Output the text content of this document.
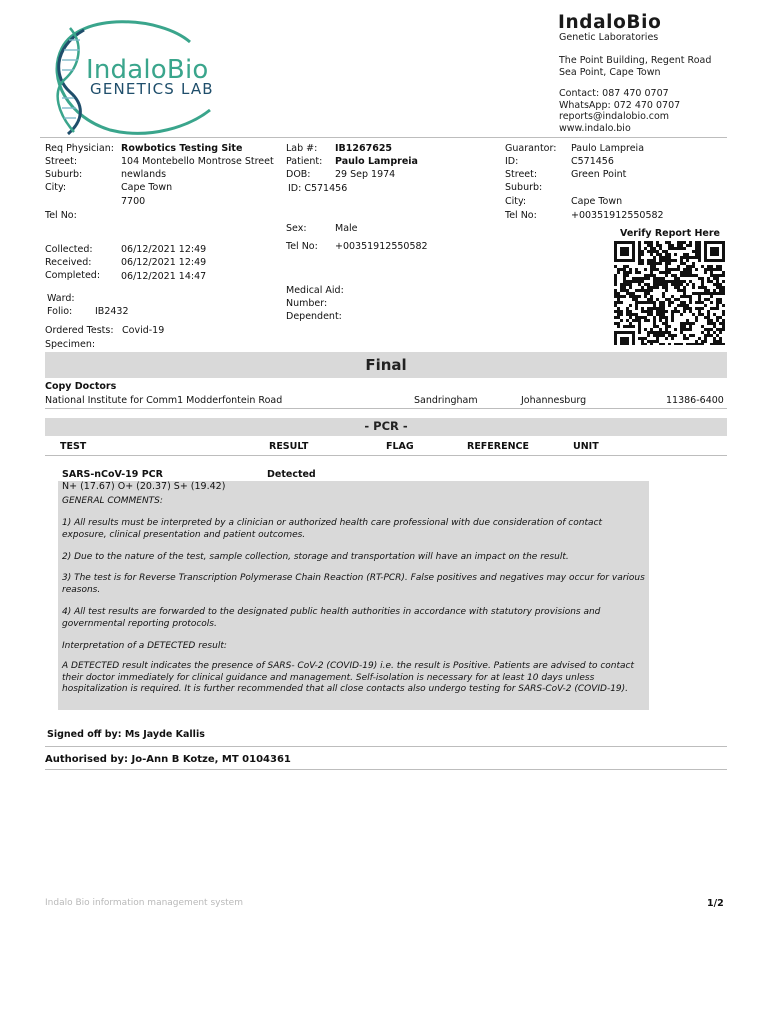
IndaloBio
GENETICS LAB
IndaloBio
Genetic Laboratories
The Point Building, Regent Road
Sea Point, Cape Town
Contact: 087 470 0707
WhatsApp: 072 470 0707
reports@indalobio.com
www.indalo.bio
Req Physician: Rowbotics Testing Site
Street:	104 Montebello Montrose Street
Suburb:	newlands
City:	Cape Town
7700
Tel No:
Lab #: IB1267625
Patient: Paulo Lampreia
DOB:	29 Sep 1974
ID: C571456
Sex:	Male
Tel No: +00351912550582
Medical Aid:
Number:
Dependent:
Guarantor: Paulo Lampreia
ID:	C571456
Street:	Green Point
Suburb:
City:	Cape Town
Tel No:	+00351912550582
Verify Report Here
Collected:	06/12/2021 12:49
Received:	06/12/2021 12:49
Completed: 06/12/2021 14:47
Ward:
Folio: IB2432
Ordered Tests: Covid-19
Specimen:
Final
Copy Doctors
National Institute for Comm1 Modderfontein Road	Sandringham	Johannesburg	11386-6400
- PCR -
TEST	RESULT	FLAG	REFERENCE	UNIT
SARS-nCoV-19 PCR	Detected
N+ (17.67) O+ (20.37) S+ (19.42)
GENERAL COMMENTS:
1) All results must be interpreted by a clinician or authorized health care professional with due consideration of contact exposure, clinical presentation and patient outcomes.
2) Due to the nature of the test, sample collection, storage and transportation will have an impact on the result.
3) The test is for Reverse Transcription Polymerase Chain Reaction (RT-PCR). False positives and negatives may occur for various reasons.
4) All test results are forwarded to the designated public health authorities in accordance with statutory provisions and governmental reporting protocols.
Interpretation of a DETECTED result:
A DETECTED result indicates the presence of SARS- CoV-2 (COVID-19) i.e. the result is Positive. Patients are advised to contact their doctor immediately for clinical guidance and management. Self-isolation is necessary for at least 10 days unless hospitalization is required. It is further recommended that all close contacts also undergo testing for SARS-CoV-2 (COVID-19).
Signed off by: Ms Jayde Kallis
Authorised by: Jo-Ann B Kotze, MT 0104361
Indalo Bio information management system	1/2
